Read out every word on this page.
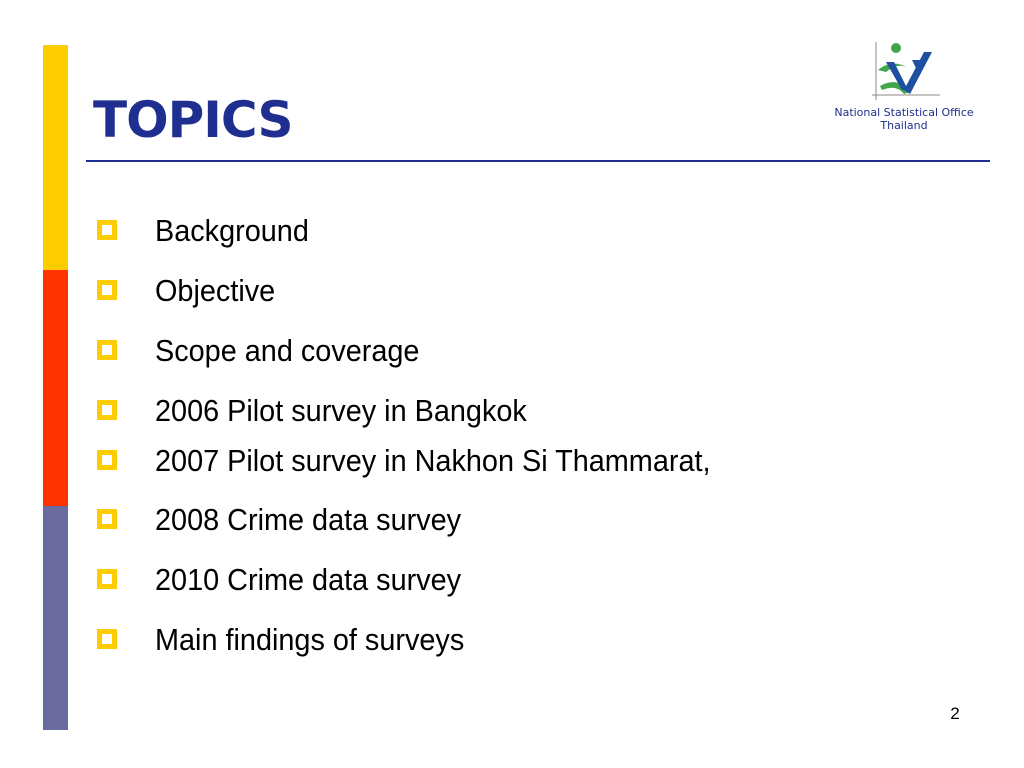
TOPICS	National Statistical Office
Thailand
Background
Objective
Scope and coverage
2006 Pilot survey in Bangkok
2007 Pilot survey in Nakhon Si Thammarat,
2008 Crime data survey
2010 Crime data survey
Main findings of surveys
2
